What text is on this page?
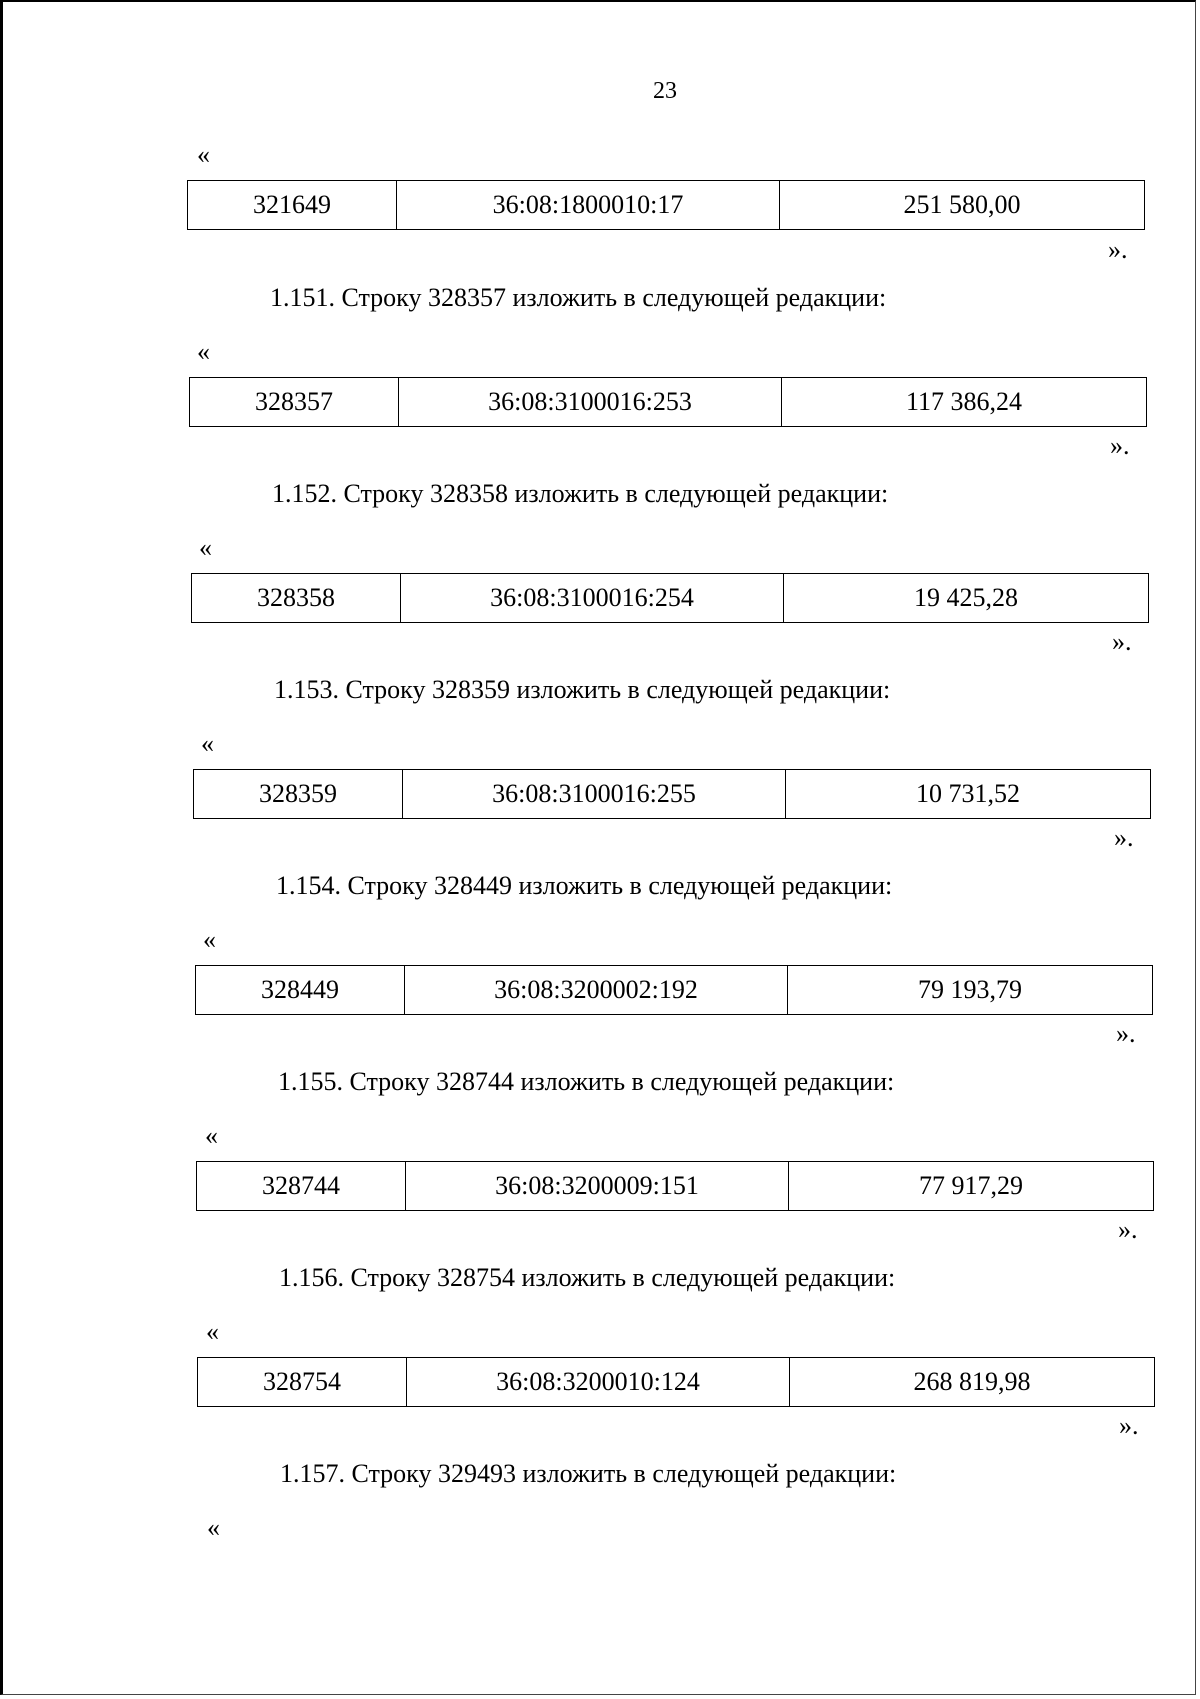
23
«
321649	36:08:1800010:17	251 580,00
».
1.151. Строку 328357 изложить в следующей редакции:
«
328357	36:08:3100016:253	117 386,24
».
1.152. Строку 328358 изложить в следующей редакции:
«
328358	36:08:3100016:254	19 425,28
».
1.153. Строку 328359 изложить в следующей редакции:
«
328359	36:08:3100016:255	10 731,52
».
1.154. Строку 328449 изложить в следующей редакции:
«
328449	36:08:3200002:192	79 193,79
».
1.155. Строку 328744 изложить в следующей редакции:
«
328744	36:08:3200009:151	77 917,29
».
1.156. Строку 328754 изложить в следующей редакции:
«
328754	36:08:3200010:124	268 819,98
».
1.157. Строку 329493 изложить в следующей редакции:
«
